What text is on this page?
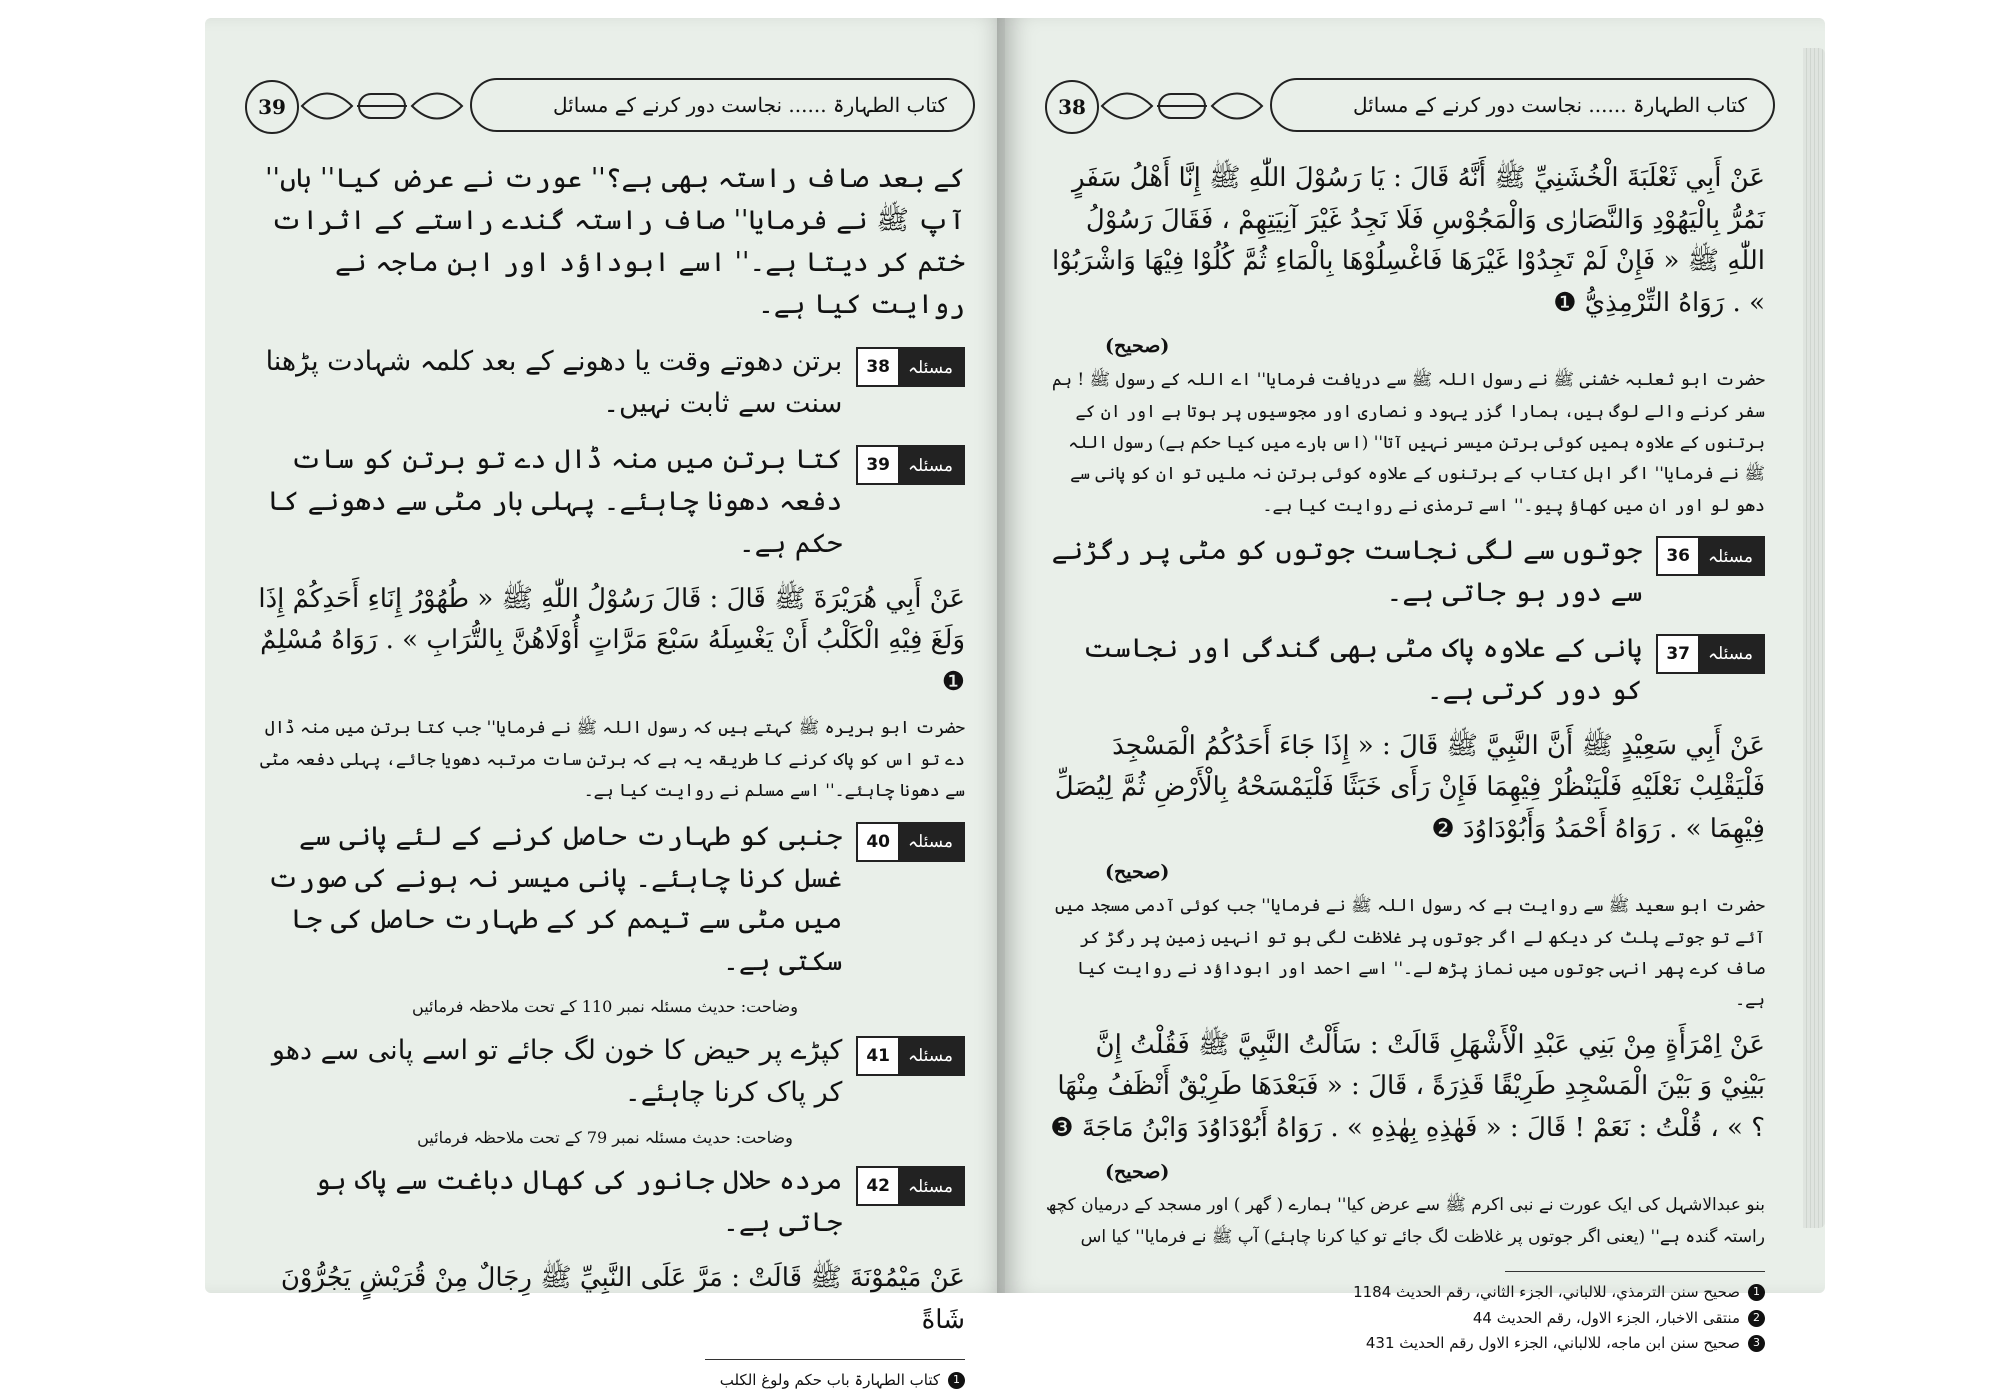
39	کتاب الطہارۃ ...... نجاست دور کرنے کے مسائل

کے بعد صاف راستہ بھی ہے؟'' عورت نے عرض کیا'' ہاں'' آپ ﷺ نے فرمایا'' صاف راستہ گندے راستے کے اثرات ختم کر دیتا ہے۔'' اسے ابوداؤد اور ابن ماجہ نے روایت کیا ہے۔

مسئلہ
38

برتن دھوتے وقت یا دھونے کے بعد کلمہ شہادت پڑھنا سنت سے ثابت نہیں۔

مسئلہ
39

کتا برتن میں منہ ڈال دے تو برتن کو سات دفعہ دھونا چاہئے۔ پہلی بار مٹی سے دھونے کا حکم ہے۔

عَنْ أَبِي هُرَيْرَةَ ﷺ قَالَ : قَالَ رَسُوْلُ اللّٰهِ ﷺ « طُهُوْرُ إِنَاءِ أَحَدِكُمْ إِذَا وَلَغَ فِيْهِ الْكَلْبُ أَنْ يَغْسِلَهُ سَبْعَ مَرَّاتٍ أُوْلَاهُنَّ بِالتُّرَابِ » . رَوَاهُ مُسْلِمٌ ❶

حضرت ابو ہریرہ ﷺ کہتے ہیں کہ رسول اللہ ﷺ نے فرمایا'' جب کتا برتن میں منہ ڈال دے تو اس کو پاک کرنے کا طریقہ یہ ہے کہ برتن سات مرتبہ دھویا جائے، پہلی دفعہ مٹی سے دھونا چاہئے۔'' اسے مسلم نے روایت کیا ہے۔

مسئلہ
40

جنبی کو طہارت حاصل کرنے کے لئے پانی سے غسل کرنا چاہئے۔ پانی میسر نہ ہونے کی صورت میں مٹی سے تیمم کر کے طہارت حاصل کی جا سکتی ہے۔

وضاحت: حدیث مسئلہ نمبر 110 کے تحت ملاحظہ فرمائیں

مسئلہ
41

کپڑے پر حیض کا خون لگ جائے تو اسے پانی سے دھو کر پاک کرنا چاہئے۔

وضاحت: حدیث مسئلہ نمبر 79 کے تحت ملاحظہ فرمائیں

مسئلہ
42

مردہ حلال جانور کی کھال دباغت سے پاک ہو جاتی ہے۔

عَنْ مَيْمُوْنَةَ ﷺ قَالَتْ : مَرَّ عَلَى النَّبِيِّ ﷺ رِجَالٌ مِنْ قُرَيْشٍ يَجُرُّوْنَ شَاةً

1
کتاب الطہارۃ باب حکم ولوغ الکلب
38	کتاب الطہارۃ ...... نجاست دور کرنے کے مسائل

عَنْ أَبِي ثَعْلَبَةَ الْخُشَنِيِّ ﷺ أَنَّهُ قَالَ : يَا رَسُوْلَ اللّٰهِ ﷺ إِنَّا أَهْلُ سَفَرٍ نَمُرُّ بِالْيَهُوْدِ وَالنَّصَارٰى وَالْمَجُوْسِ فَلَا نَجِدُ غَيْرَ آنِيَتِهِمْ ، فَقَالَ رَسُوْلُ اللّٰهِ ﷺ « فَإِنْ لَمْ تَجِدُوْا غَيْرَهَا فَاغْسِلُوْهَا بِالْمَاءِ ثُمَّ كُلُوْا فِيْهَا وَاشْرَبُوْا » . رَوَاهُ التِّرْمِذِيُّ ❶

(صحیح)

حضرت ابو ثعلبہ خشنی ﷺ نے رسول اللہ ﷺ سے دریافت فرمایا'' اے اللہ کے رسول ﷺ ! ہم سفر کرنے والے لوگ ہیں، ہمارا گزر یہود و نصاری اور مجوسیوں پر ہوتا ہے اور ان کے برتنوں کے علاوہ ہمیں کوئی برتن میسر نہیں آتا'' (اس بارے میں کیا حکم ہے) رسول اللہ ﷺ نے فرمایا'' اگر اہل کتاب کے برتنوں کے علاوہ کوئی برتن نہ ملیں تو ان کو پانی سے دھو لو اور ان میں کھاؤ پیو۔'' اسے ترمذی نے روایت کیا ہے۔

مسئلہ
36

جوتوں سے لگی نجاست جوتوں کو مٹی پر رگڑنے سے دور ہو جاتی ہے۔

مسئلہ
37

پانی کے علاوہ پاک مٹی بھی گندگی اور نجاست کو دور کرتی ہے۔

عَنْ أَبِي سَعِيْدٍ ﷺ أَنَّ النَّبِيَّ ﷺ قَالَ : « إِذَا جَاءَ أَحَدُكُمُ الْمَسْجِدَ فَلْيَقْلِبْ نَعْلَيْهِ فَلْيَنْظُرْ فِيْهِمَا فَإِنْ رَأَى خَبَثًا فَلْيَمْسَحْهُ بِالْأَرْضِ ثُمَّ لِيُصَلِّ فِيْهِمَا » . رَوَاهُ أَحْمَدُ وَأَبُوْدَاوُدَ ❷

(صحیح)

حضرت ابو سعید ﷺ سے روایت ہے کہ رسول اللہ ﷺ نے فرمایا'' جب کوئی آدمی مسجد میں آئے تو جوتے پلٹ کر دیکھ لے اگر جوتوں پر غلاظت لگی ہو تو انہیں زمین پر رگڑ کر صاف کرے پھر انہی جوتوں میں نماز پڑھ لے۔'' اسے احمد اور ابوداؤد نے روایت کیا ہے۔

عَنْ اِمْرَأَةٍ مِنْ بَنِي عَبْدِ الْأَشْهَلِ قَالَتْ : سَأَلْتُ النَّبِيَّ ﷺ فَقُلْتُ إِنَّ بَيْنِيْ وَ بَيْنَ الْمَسْجِدِ طَرِيْقًا قَذِرَةً ، قَالَ : « فَبَعْدَهَا طَرِيْقٌ أَنْظَفُ مِنْهَا ؟ » ، قُلْتُ : نَعَمْ ! قَالَ : « فَهٰذِهِ بِهٰذِهِ » . رَوَاهُ أَبُوْدَاوُدَ وَابْنُ مَاجَةَ ❸

(صحیح)

بنو عبدالاشہل کی ایک عورت نے نبی اکرم ﷺ سے عرض کیا'' ہمارے ( گھر ) اور مسجد کے درمیان کچھ راستہ گندہ ہے'' (یعنی اگر جوتوں پر غلاظت لگ جائے تو کیا کرنا چاہئے) آپ ﷺ نے فرمایا'' کیا اس

1
صحيح سنن الترمذي، للالباني، الجزء الثاني، رقم الحديث 1184
2
منتقى الاخبار، الجزء الاول، رقم الحديث 44
3
صحيح سنن ابن ماجه، للالباني، الجزء الاول رقم الحديث 431
